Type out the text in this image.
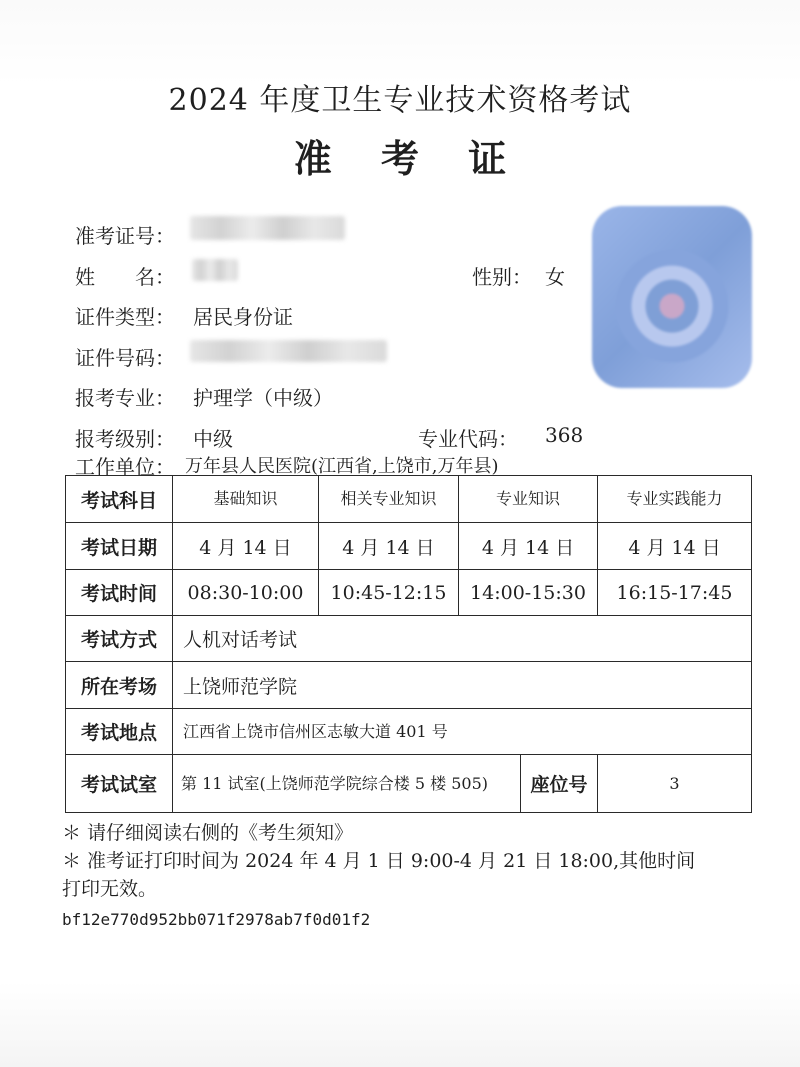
2024 年度卫生专业技术资格考试
准 考 证
准考证号：
姓　　名：	性别： 女
证件类型： 居民身份证
证件号码：
报考专业： 护理学（中级）
报考级别： 中级	专业代码： 368
工作单位： 万年县人民医院(江西省,上饶市,万年县)
考试科目	基础知识	相关专业知识	专业知识		专业实践能力
考试日期	4 月 14 日	4 月 14 日	4 月 14 日		4 月 14 日
考试时间	08:30-10:00	10:45-12:15	14:00-15:30		16:15-17:45
考试方式	人机对话考试				
所在考场	上饶师范学院				
考试地点	江西省上饶市信州区志敏大道 401 号				
考试试室	第 11 试室(上饶师范学院综合楼 5 楼 505)			座位号	3
＊ 请仔细阅读右侧的《考生须知》
＊ 准考证打印时间为 2024 年 4 月 1 日 9:00-4 月 21 日 18:00,其他时间
打印无效。
bf12e770d952bb071f2978ab7f0d01f2
